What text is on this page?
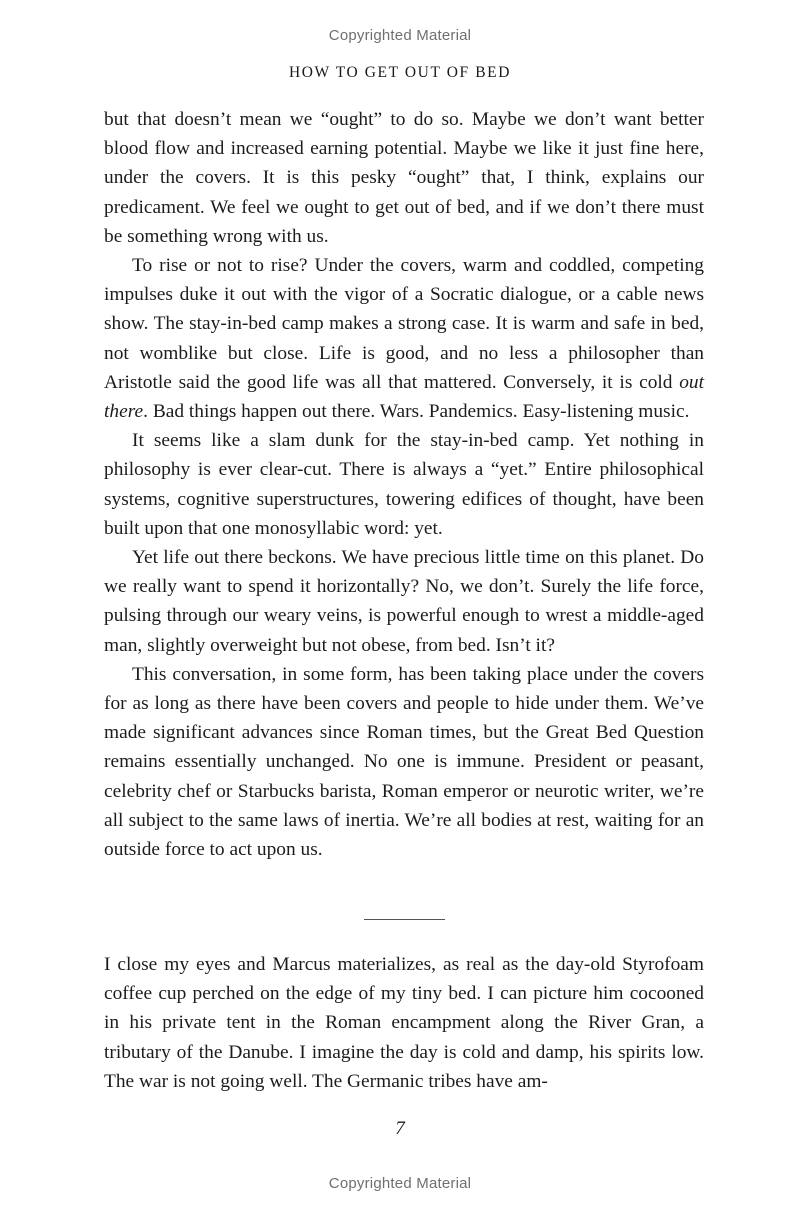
Copyrighted Material
HOW TO GET OUT OF BED

but that doesn’t mean we “ought” to do so. Maybe we don’t want better blood flow and increased earning potential. Maybe we like it just fine here, under the covers. It is this pesky “ought” that, I think, explains our predicament. We feel we ought to get out of bed, and if we don’t there must be something wrong with us.

To rise or not to rise? Under the covers, warm and coddled, competing impulses duke it out with the vigor of a Socratic dialogue, or a cable news show. The stay-in-bed camp makes a strong case. It is warm and safe in bed, not womblike but close. Life is good, and no less a philosopher than Aristotle said the good life was all that mattered. Conversely, it is cold out there. Bad things happen out there. Wars. Pandemics. Easy-listening music.

It seems like a slam dunk for the stay-in-bed camp. Yet nothing in philosophy is ever clear-cut. There is always a “yet.” Entire philosophical systems, cognitive superstructures, towering edifices of thought, have been built upon that one monosyllabic word: yet.

Yet life out there beckons. We have precious little time on this planet. Do we really want to spend it horizontally? No, we don’t. Surely the life force, pulsing through our weary veins, is powerful enough to wrest a middle-aged man, slightly overweight but not obese, from bed. Isn’t it?

This conversation, in some form, has been taking place under the covers for as long as there have been covers and people to hide under them. We’ve made significant advances since Roman times, but the Great Bed Question remains essentially unchanged. No one is immune. President or peasant, celebrity chef or Starbucks barista, Roman emperor or neurotic writer, we’re all subject to the same laws of inertia. We’re all bodies at rest, waiting for an outside force to act upon us.

I close my eyes and Marcus materializes, as real as the day-old Styrofoam coffee cup perched on the edge of my tiny bed. I can picture him cocooned in his private tent in the Roman encampment along the River Gran, a tributary of the Danube. I imagine the day is cold and damp, his spirits low. The war is not going well. The Germanic tribes have am-

7
Copyrighted Material
